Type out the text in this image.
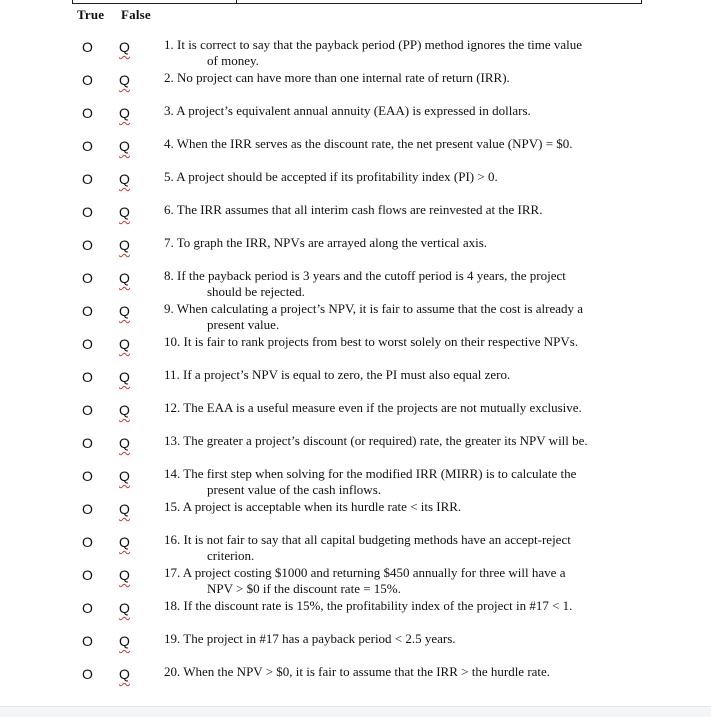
True False
O Q	1. It is correct to say that the payback period (PP) method ignores the time value
of money.
O Q	2. No project can have more than one internal rate of return (IRR).
O Q	3. A project’s equivalent annual annuity (EAA) is expressed in dollars.
O Q	4. When the IRR serves as the discount rate, the net present value (NPV) = $0.
O Q	5. A project should be accepted if its profitability index (PI) > 0.
O Q	6. The IRR assumes that all interim cash flows are reinvested at the IRR.
O Q	7. To graph the IRR, NPVs are arrayed along the vertical axis.
O Q	8. If the payback period is 3 years and the cutoff period is 4 years, the project
should be rejected.
O Q	9. When calculating a project’s NPV, it is fair to assume that the cost is already a
present value.
O Q	10. It is fair to rank projects from best to worst solely on their respective NPVs.
O Q	11. If a project’s NPV is equal to zero, the PI must also equal zero.
O Q	12. The EAA is a useful measure even if the projects are not mutually exclusive.
O Q	13. The greater a project’s discount (or required) rate, the greater its NPV will be.
O Q	14. The first step when solving for the modified IRR (MIRR) is to calculate the
present value of the cash inflows.
O Q	15. A project is acceptable when its hurdle rate < its IRR.
O Q	16. It is not fair to say that all capital budgeting methods have an accept-reject
criterion.
O Q	17. A project costing $1000 and returning $450 annually for three will have a
NPV > $0 if the discount rate = 15%.
O Q	18. If the discount rate is 15%, the profitability index of the project in #17 < 1.
O Q	19. The project in #17 has a payback period < 2.5 years.
O Q	20. When the NPV > $0, it is fair to assume that the IRR > the hurdle rate.
